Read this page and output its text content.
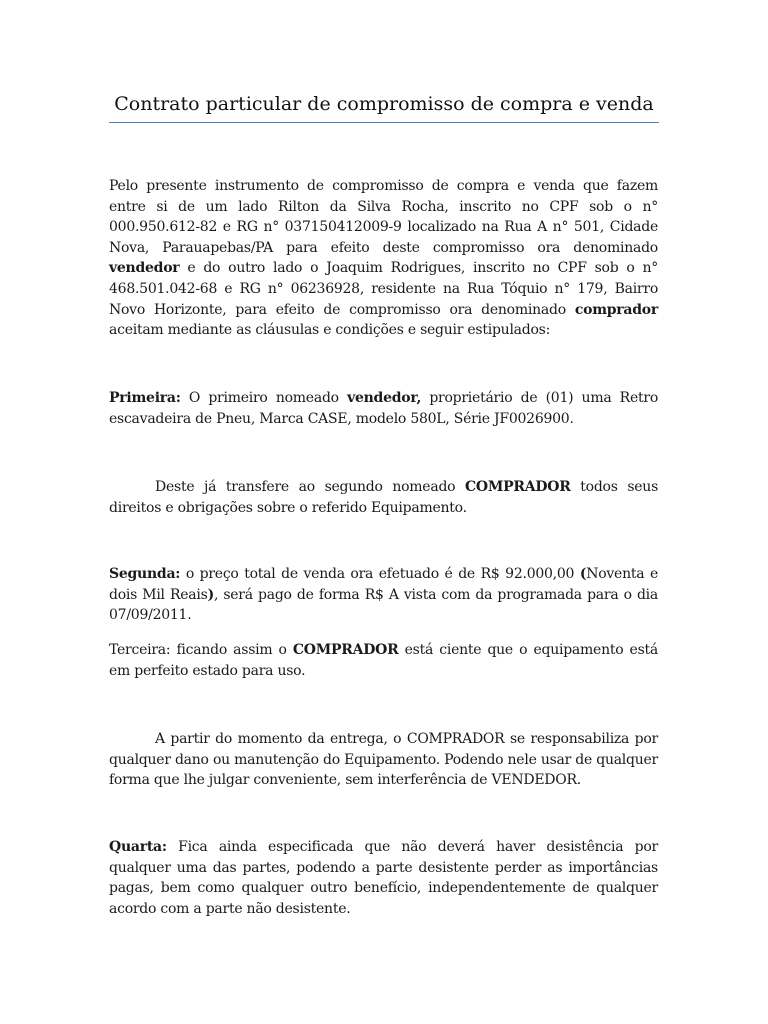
Contrato particular de compromisso de compra e venda

Pelo presente instrumento de compromisso de compra e venda que fazem entre si de um lado Rilton da Silva Rocha, inscrito no CPF sob o n° 000.950.612-82 e RG n° 037150412009-9 localizado na Rua A n° 501, Cidade Nova, Parauapebas/PA para efeito deste compromisso ora denominado vendedor e do outro lado o Joaquim Rodrigues, inscrito no CPF sob o n° 468.501.042-68 e RG n° 06236928, residente na Rua Tóquio n° 179, Bairro Novo Horizonte, para efeito de compromisso ora denominado comprador aceitam mediante as cláusulas e condições e seguir estipulados:

Primeira: O primeiro nomeado vendedor, proprietário de (01) uma Retro escavadeira de Pneu, Marca CASE, modelo 580L, Série JF0026900.

Deste já transfere ao segundo nomeado COMPRADOR todos seus direitos e obrigações sobre o referido Equipamento.

Segunda: o preço total de venda ora efetuado é de R$ 92.000,00 (Noventa e dois Mil Reais), será pago de forma R$ A vista com da programada para o dia 07/09/2011.

Terceira: ficando assim o COMPRADOR está ciente que o equipamento está em perfeito estado para uso.

A partir do momento da entrega, o COMPRADOR se responsabiliza por qualquer dano ou manutenção do Equipamento. Podendo nele usar de qualquer forma que lhe julgar conveniente, sem interferência de VENDEDOR.

Quarta: Fica ainda especificada que não deverá haver desistência por qualquer uma das partes, podendo a parte desistente perder as importâncias pagas, bem como qualquer outro benefício, independentemente de qualquer acordo com a parte não desistente.
